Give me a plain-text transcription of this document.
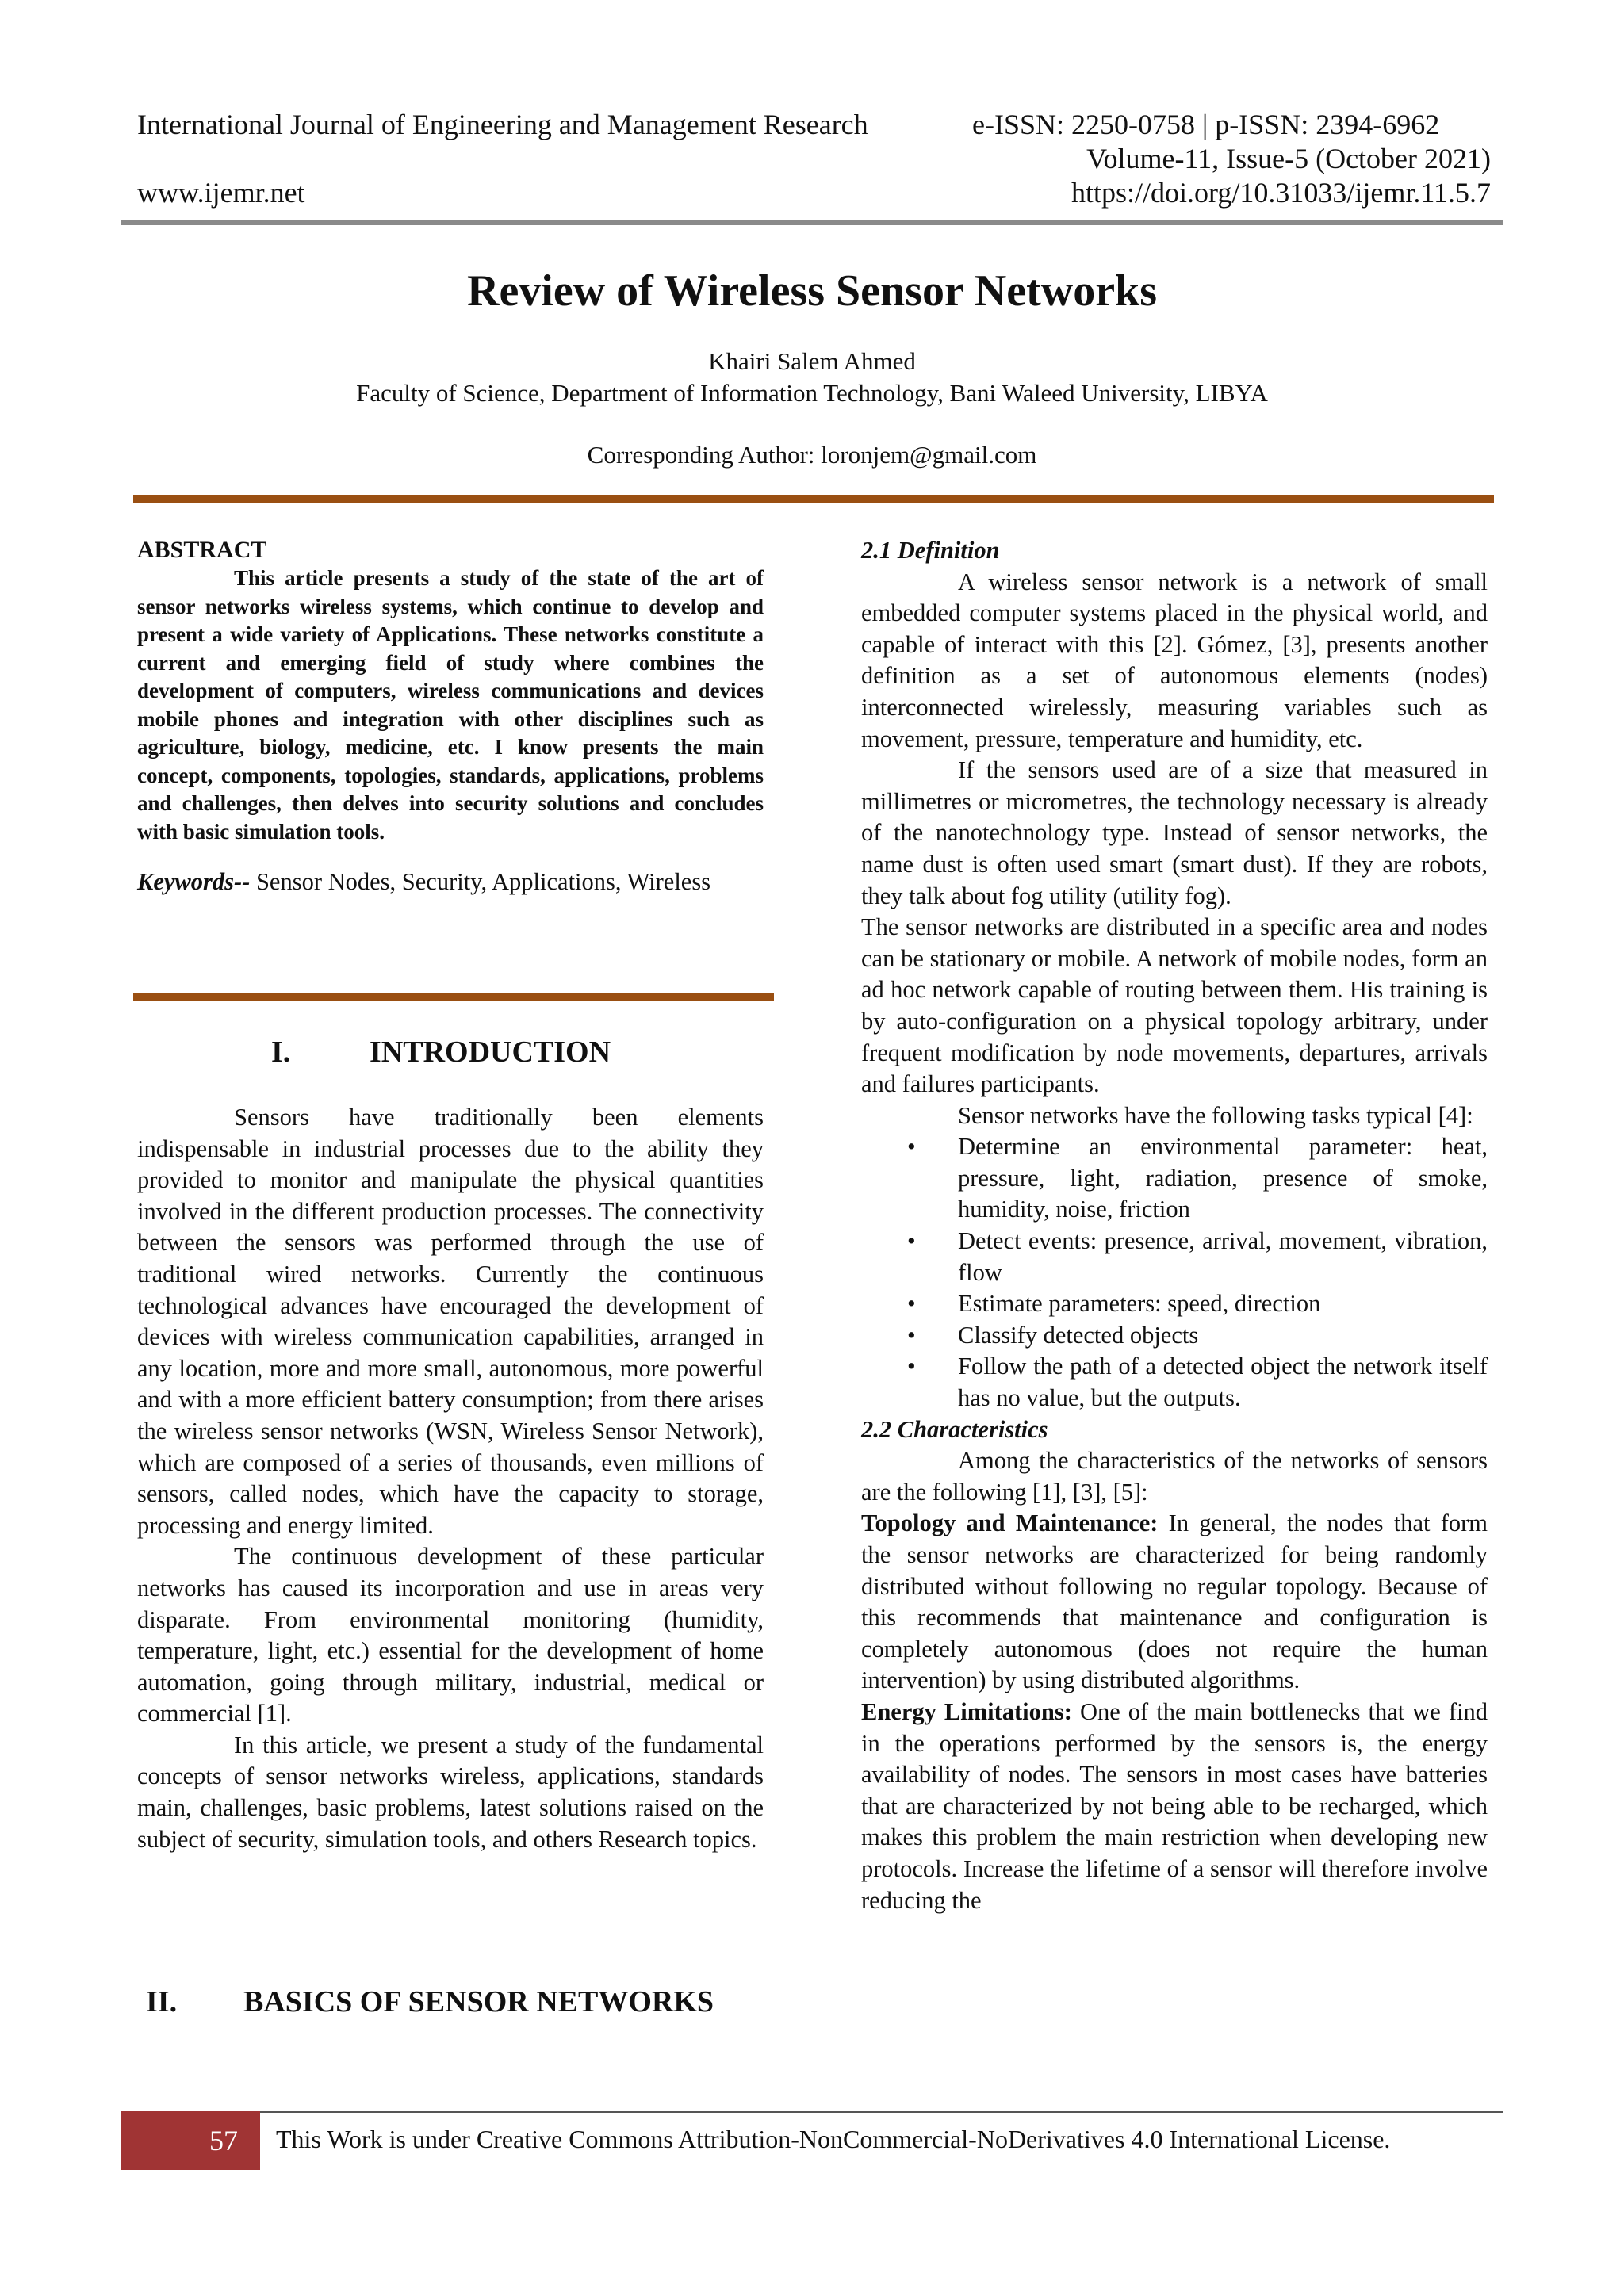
International Journal of Engineering and Management Research	e-ISSN: 2250-0758 | p-ISSN: 2394-6962
Volume-11, Issue-5 (October 2021)
www.ijemr.net	https://doi.org/10.31033/ijemr.11.5.7
Review of Wireless Sensor Networks
Khairi Salem Ahmed
Faculty of Science, Department of Information Technology, Bani Waleed University, LIBYA
Corresponding Author: loronjem@gmail.com
ABSTRACT

This article presents a study of the state of the art of sensor networks wireless systems, which continue to develop and present a wide variety of Applications. These networks constitute a current and emerging field of study where combines the development of computers, wireless communications and devices mobile phones and integration with other disciplines such as agriculture, biology, medicine, etc. I know presents the main concept, components, topologies, standards, applications, problems and challenges, then delves into security solutions and concludes with basic simulation tools.

Keywords-- Sensor Nodes, Security, Applications, Wireless

I.	INTRODUCTION

Sensors have traditionally been elements indispensable in industrial processes due to the ability they provided to monitor and manipulate the physical quantities involved in the different production processes. The connectivity between the sensors was performed through the use of traditional wired networks. Currently the continuous technological advances have encouraged the development of devices with wireless communication capabilities, arranged in any location, more and more small, autonomous, more powerful and with a more efficient battery consumption; from there arises the wireless sensor networks (WSN, Wireless Sensor Network), which are composed of a series of thousands, even millions of sensors, called nodes, which have the capacity to storage, processing and energy limited.

The continuous development of these particular networks has caused its incorporation and use in areas very disparate. From environmental monitoring (humidity, temperature, light, etc.) essential for the development of home automation, going through military, industrial, medical or commercial [1].

In this article, we present a study of the fundamental concepts of sensor networks wireless, applications, standards main, challenges, basic problems, latest solutions raised on the subject of security, simulation tools, and others Research topics.

II. BASICS OF SENSOR NETWORKS
2.1 Definition

A wireless sensor network is a network of small embedded computer systems placed in the physical world, and capable of interact with this [2]. Gómez, [3], presents another definition as a set of autonomous elements (nodes) interconnected wirelessly, measuring variables such as movement, pressure, temperature and humidity, etc.

If the sensors used are of a size that measured in millimetres or micrometres, the technology necessary is already of the nanotechnology type. Instead of sensor networks, the name dust is often used smart (smart dust). If they are robots, they talk about fog utility (utility fog).

The sensor networks are distributed in a specific area and nodes can be stationary or mobile. A network of mobile nodes, form an ad hoc network capable of routing between them. His training is by auto-configuration on a physical topology arbitrary, under frequent modification by node movements, departures, arrivals and failures participants.

Sensor networks have the following tasks typical [4]:

• Determine an environmental parameter: heat, pressure, light, radiation, presence of smoke, humidity, noise, friction
• Detect events: presence, arrival, movement, vibration, flow
• Estimate parameters: speed, direction
• Classify detected objects
• Follow the path of a detected object the network itself has no value, but the outputs.
2.2 Characteristics

Among the characteristics of the networks of sensors are the following [1], [3], [5]:

Topology and Maintenance: In general, the nodes that form the sensor networks are characterized for being randomly distributed without following no regular topology. Because of this recommends that maintenance and configuration is completely autonomous (does not require the human intervention) by using distributed algorithms.

Energy Limitations: One of the main bottlenecks that we find in the operations performed by the sensors is, the energy availability of nodes. The sensors in most cases have batteries that are characterized by not being able to be recharged, which makes this problem the main restriction when developing new protocols. Increase the lifetime of a sensor will therefore involve reducing the

57	This Work is under Creative Commons Attribution-NonCommercial-NoDerivatives 4.0 International License.
